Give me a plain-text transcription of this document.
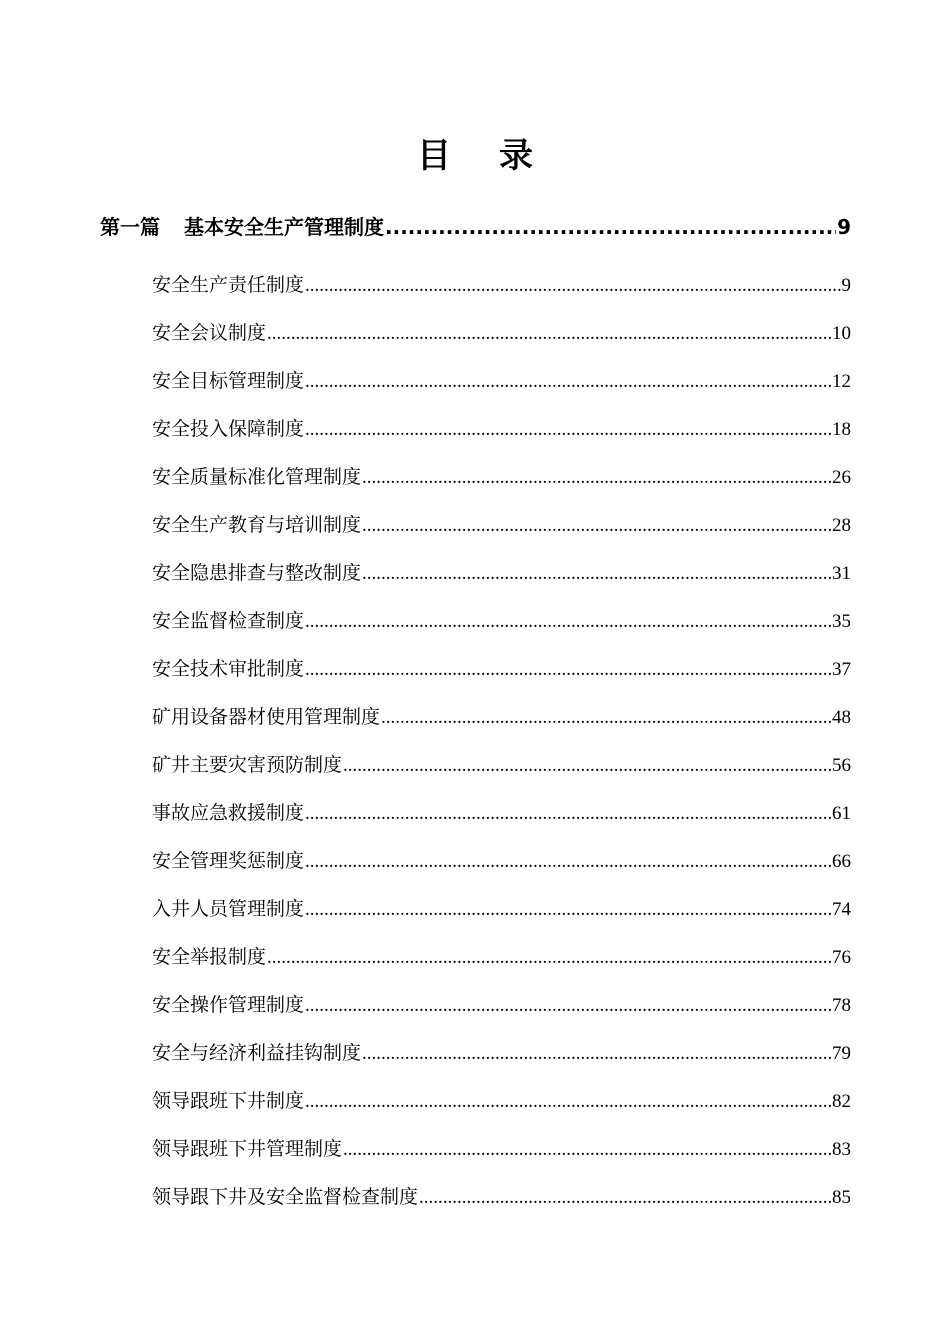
目 录
第一篇 基本安全生产管理制度 .....	9
安全生产责任制度 .....	9
安全会议制度 .....	10
安全目标管理制度 .....	12
安全投入保障制度 .....	18
安全质量标准化管理制度 .....	26
安全生产教育与培训制度 .....	28
安全隐患排查与整改制度 .....	31
安全监督检查制度 .....	35
安全技术审批制度 .....	37
矿用设备器材使用管理制度 .....	48
矿井主要灾害预防制度 .....	56
事故应急救援制度 .....	61
安全管理奖惩制度 .....	66
入井人员管理制度 .....	74
安全举报制度 .....	76
安全操作管理制度 .....	78
安全与经济利益挂钩制度 .....	79
领导跟班下井制度 .....	82
领导跟班下井管理制度 .....	83
领导跟下井及安全监督检查制度 .....	85
